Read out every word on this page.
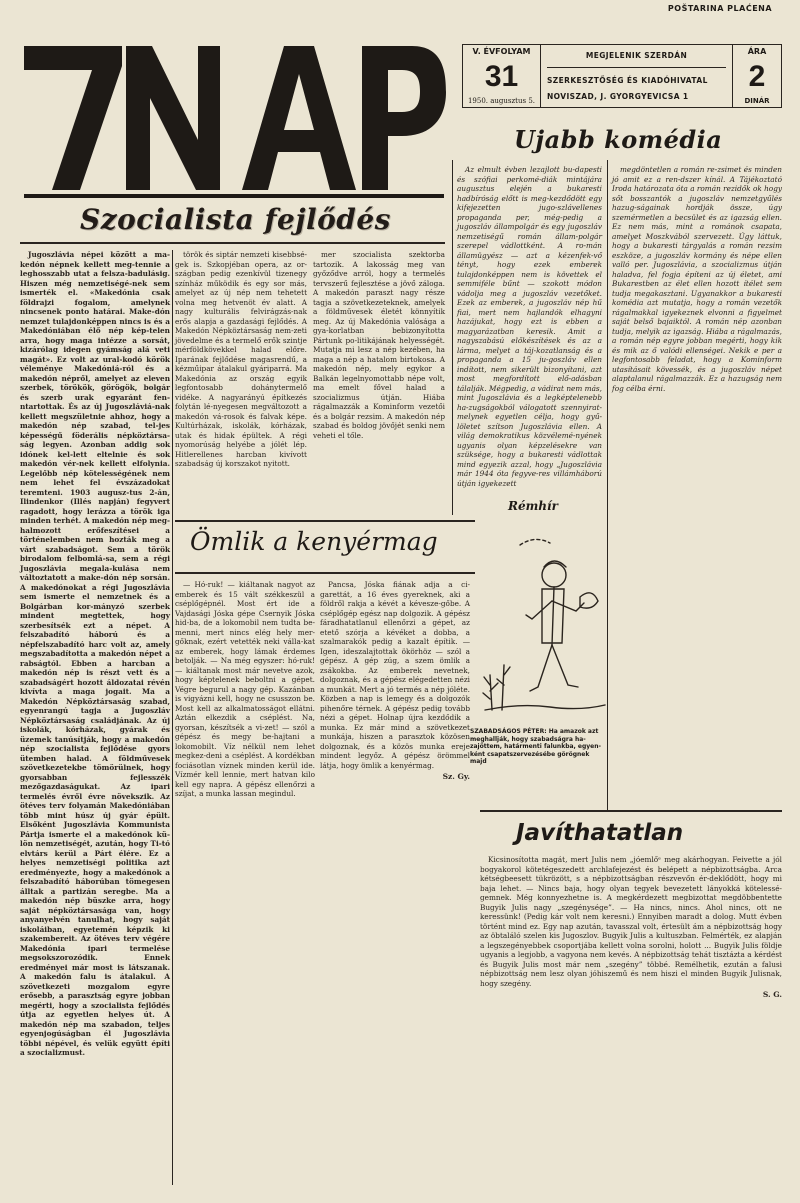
POŠTARINA PLAĆENA
V. ÉVFOLYAM
31
1950. augusztus 5.
MEGJELENIK SZERDÁN
SZERKESZTŐSÉG ÉS KIADÓHIVATAL
NOVISZAD, J. GYORGYEVICSA 1
ÁRA
2
DINÁR
Ujabb komédia
Szocialista fejlődés
Ömlik a kenyérmag
Javíthatatlan
Rémhír

Jugoszlávia népei között a ma-kedón népnek kellett meg-tennie a leghosszabb utat a felsza-badulásig. Hiszen még nemzetiségé-nek sem ismerték el. «Makedónia csak földrajzi fogalom, amelynek nincsenek ponto határai. Make-dón nemzet tulajdonképpen nincs is és a Makedóniában élő nép kép-telen arra, hogy maga intézze a sorsát, kizárólag idegen gyámság alá veti magát». Ez volt az ural-kodó körök véleménye Makedóniá-ról és a makedón népről, amelyet az eleven szerbek, törökök, görögök, bolgár és szerb urak egyaránt fen-ntartottak. És az új Jugoszláviá-nak kellett megszületnie ahhoz, hogy a makedón nép szabad, tel-jes képességű föderális népköztársa-ság legyen. Azonban addig sok idónek kel-lett eltelnie és sok makedón vér-nek kellett elfolynia. Legelőbb nép kötelességének nem nem lehet fel évszázadokat teremteni. 1903 augusz-tus 2-án, Ilindenkor (Illés napján) fegyvert ragadott, hogy lerázza a török iga minden terhét. A makedón nép meg-halmozott erőfeszítései a történelemben nem hozták meg a várt szabadságot. Sem a török birodalom felbomlá-sa, sem a régi Jugoszlávia megala-kulása nem változtatott a make-dón nép sorsán. A makedónokat a régi Jugoszlávia sem ismerte el nemzetnek és a Bolgárban kor-mányzó szerbek mindent megtettek, hogy szerbesítsék ezt a népet. A felszabadító háború és a népfelszabadító harc volt az, amely megszabadította a makedón népet a rabságtól. Ebben a harcban a makedón nép is részt vett és a szabadságért hozott áldozatai révén kivívta a maga jogait. Ma a Makedón Népköztársaság szabad, egyenrangú tagja a Jugoszláv Népköztársaság családjának. Az új iskolák, kórházak, gyárak és üzemek tanúsítják, hogy a makedón nép szocialista fejlődése gyors ütemben halad. A földművesek szövetkezetekbe tömörülnek, hogy gyorsabban fejlesszék mezőgazdaságukat. Az ipari termelés évről évre növekszik. Az ötéves terv folyamán Makedóniában több mint húsz új gyár épült. Elsőként Jugoszlávia Kommunista Pártja ismerte el a makedónok kü-lön nemzetiségét, azután, hogy Ti-tó elvtárs kerül a Párt élére. Ez a helyes nemzetiségi politika azt eredményezte, hogy a makedónok a felszabadító háborúban tömegesen álltak a partizán seregbe. Ma a makedón nép büszke arra, hogy saját népköztársasága van, hogy anyanyelvén tanulhat, hogy saját iskoláiban, egyetemén képzik ki szakembereit. Az ötéves terv végére Makedónia ipari termelése megsokszorozódik. Ennek eredményei már most is látszanak. A makedón falu is átalakul. A szövetkezeti mozgalom egyre erősebb, a parasztság egyre jobban megérti, hogy a szocialista fejlődés útja az egyetlen helyes út. A makedón nép ma szabadon, teljes egyenjogúságban él Jugoszlávia többi népével, és velük együtt építi a szocializmust.

török és siptár nemzeti kisebbsé-gek is. Szkopjéban opera, az or-szágban pedig ezenkívül tizenegy színház működik és egy sor más, amelyet az új nép nem tehetett volna meg hetvenöt év alatt. A nagy kulturális felvirágzás-nak erős alapja a gazdasági fejlődés. A Makedón Népköztársaság nem-zeti jövedelme és a termelő erők szintje mérföldkövekkel halad előre. Iparának fejlődése magasrendű, a kézműipar átalakul gyáriparrá. Ma Makedónia az ország egyik legfontosabb dohánytermelő vidéke. A nagyarányú építkezés folytán lé-nyegesen megváltozott a makedón vá-rosok és falvak képe. Kultúrházak, iskolák, kórházak, utak és hidak épültek. A régi nyomorúság helyébe a jólét lép. Hitlerellenes harcban kivívott szabadság új korszakot nyitott.

mer szocialista szektorba tartozik. A lakosság meg van győződve arról, hogy a termelés tervszerű fejlesztése a jövő záloga. A makedón paraszt nagy része tagja a szövetkezeteknek, amelyek a földművesek életét könnyítik meg. Az új Makedónia valósága a gya-korlatban bebizonyította Pártunk po-litikájának helyességét. Mutatja mi lesz a nép kezében, ha maga a nép a hatalom birtokosa. A makedón nép, mely egykor a Balkán legelnyomottabb népe volt, ma emelt fővel halad a szocializmus útján. Hiába rágalmazzák a Kominform vezetői és a bolgár rezsim. A makedón nép szabad és boldog jövőjét senki nem veheti el tőle.

Az elmult évben lezajlott bu-dapesti és szófiai perkomé-diák mintájára augusztus elején a bukaresti hadbíróság előtt is meg-kezdődött egy kifejezetten jugo-szlávellenes propaganda per, még-pedig a jugoszláv állampolgár és egy jugoszláv nemzetiségű román állam-polgár szerepel vádlottként. A ro-mán államügyész — azt a kézenfek-vő tényt, hogy ezek emberek tulajdonképpen nem is követtek el semmiféle bűnt — szokott módon vádolja meg a jugoszláv vezetőket. Ezek az emberek, a jugoszláv nép hű fiai, mert nem hajlandók elhagyni hazájukat, hogy ezt is ebben a magyarázatban keresik. Amit a nagyszabású előkészítések és az a lárma, melyet a táj-kozatlanság és a propaganda a 15 ju-goszláv ellen indított, nem sikerült bizonyítani, azt most megfordított elő-adásban tálalják. Mégpedig, a vádirat nem más, mint Jugoszlávia és a legképtelenebb ha-zugságokból válogatott szennyirat-melynek egyetlen célja, hogy gyű-löletet szítson Jugoszlávia ellen. A világ demokratikus közvélemé-nyének ugyanis olyan képzelésekre van szüksége, hogy a bukaresti vádlottak mind egyezik azzal, hogy „Jugoszlávia már 1944 óta fegyve-res villámháború útján igyekezett

megdöntetlen a román re-zsimet és minden jó amit ez a ren-dszer kínál. A Tájékoztató Iroda határozata óta a román rezidők ok hogy sőt bosszantók a jugoszláv nemzetgyűlés hazug-ságainak hordják össze, úgy szemérmetlen a becsület és az igazság ellen. Ez nem más, mint a románok csapata, amelyet Moszkvából szervezett. Úgy láttuk, hogy a bukaresti tárgyalás a román rezsim eszköze, a jugoszláv kormány és népe ellen valló per. Jugoszlávia, a szocializmus útján haladva, fel fogja építeni az új életet, ami Bukarestben az élet ellen hozott ítélet sem tudja megakasztani. Ugyanakkor a bukaresti komédia azt mutatja, hogy a román vezetők rágalmakkal igyekeznek elvonni a figyelmet saját belső bajaiktól. A román nép azonban tudja, melyik az igazság. Hiába a rágalmazás, a román nép egyre jobban megérti, hogy kik és mik az ő valódi ellenségei. Nekik e per a legfontosabb feladat, hogy a Kominform utasításait kövessék, és a jugoszláv népet alaptalanul rágalmazzák. Ez a hazugság nem fog célba érni.

SZABADSÁGOS PÉTER: Ha amazok azt meghallják, hogy szabadságra ha-zajöttem, határmenti falunkba, egyen-ként csapatszervezésébe görögnek majd

— Hó-ruk! — kiáltanak nagyot az emberek és 15 vált székkeszül a cséplőgépnél. Most ért ide a Vajdasági Jóska gépe Csernyik Jóska hid-ba, de a lokomobil nem tudta be-menni, mert nincs elég hely mer-gőknak, ezért vetették neki válla-kat az emberek, hogy lámak érdemes betolják. — Na még egyszer: hó-ruk! — kiáltanak most már nevetve azok, hogy képtelenek beboltni a gépet. Végre begurul a nagy gép. Kazánban is vigyázni kell, hogy ne csusszon be. Most kell az alkalmatosságot ellátni. Aztán elkezdik a cséplést. Na, gyorsan, készítsék a vi-zet! — szól a gépész és megy be-hajtani a lokomobilt. Víz nélkül nem lehet megkez-deni a cséplést. A kordékban fociásotlan víznek minden kerül ide. Vízmér kell lennie, mert hatvan kilo kell egy napra. A gépész ellenőrzi a szíjat, a munka lassan megindul.

Pancsa, Jóska fiának adja a ci-garettát, a 16 éves gyereknek, aki a földről rakja a kévét a kévesze-gőbe. A cséplőgép egész nap dolgozik. A gépész fáradhatatlanul ellenőrzi a gépet, az etető szórja a kévéket a dobba, a szalmarakók pedig a kazalt építik. — Igen, ideszalajtottak ökörhöz — szól a gépész. A gép zúg, a szem ömlik a zsákokba. Az emberek nevetnek, dolgoznak, és a gépész elégedetten nézi a munkát. Mert a jó termés a nép jóléte. Közben a nap is lemegy és a dolgozók pihenőre térnek. A gépész pedig tovább nézi a gépet. Holnap újra kezdődik a munka. Ez már mind a szövetkezet munkája, hiszen a parasztok közösen dolgoznak, és a közös munka ereje mindent legyőz. A gépész örömmel látja, hogy ömlik a kenyérmag.

Sz. Gy.

Kicsinosította magát, mert Julis nem „jóemlőᵉ meg akárhogyan. Feivette a jól bogyakorol kötetégeszedett archlafejezést és belépett a népbizottságba. Arca kétségbeesett tükrözött, s a népbizottságban részvevőn ér-deklődött, hogy mi baja lehet. — Nincs baja, hogy olyan tegyek bevezetett lányokká kötelessé-gemnek. Még konnyezhetne is. A megkérdezett megbizottat megdöbbentette Bugyik Julis nagy „szegénysége”. — Ha nincs, nincs. Ahol nincs, ott ne keressünk! (Pedig kár volt nem keresni.) Ennyiben maradt a dolog. Mutt évben történt mind ez. Egy nap azután, tavasszal volt, értesült ám a népbizottság hogy az öbtaláló szelen kis Jugoszlov. Bugyik Julis a kultuszban. Felmérték, ez alapján a legszegényebbek csoportjába kellett volna sorolni, holott ... Bugyik Julis földje ugyanis a legjobb, a vagyona nem kevés. A népbizottság tehát tisztázta a kérdést és Bugyik Julis most már nem „szegény” többé. Remélhetik, ezután a falusi népbizottság nem lesz olyan jóhiszemű és nem hiszi el minden Bugyik Julisnak, hogy szegény.

S. G.
